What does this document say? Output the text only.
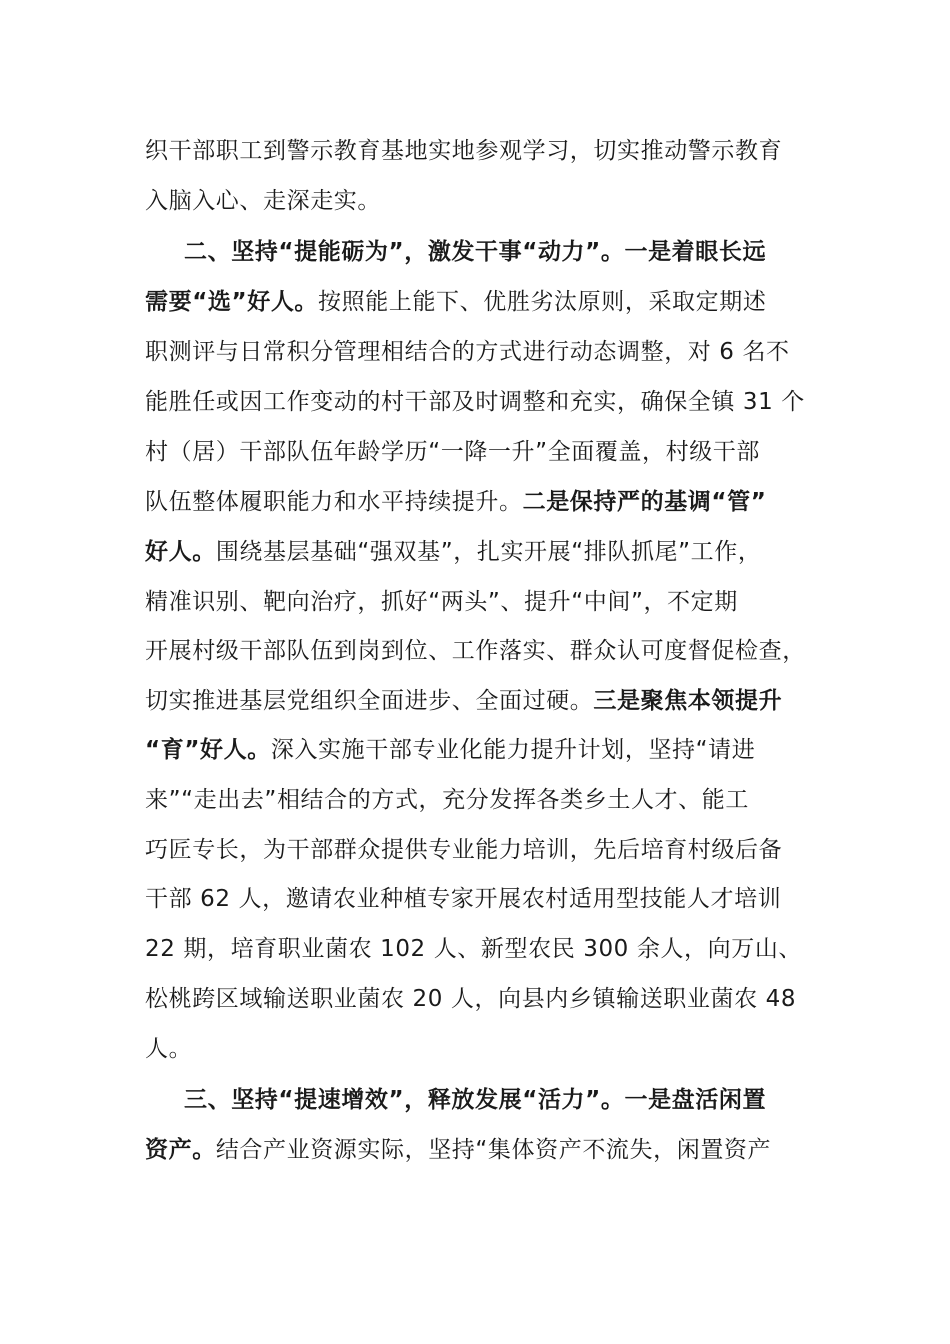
织干部职工到警示教育基地实地参观学习，切实推动警示教育
入脑入心、走深走实。
二、坚持“提能砺为”，激发干事“动力”。一是着眼长远
需要“选”好人。按照能上能下、优胜劣汰原则，采取定期述
职测评与日常积分管理相结合的方式进行动态调整，对 6 名不
能胜任或因工作变动的村干部及时调整和充实，确保全镇 31 个
村（居）干部队伍年龄学历“一降一升”全面覆盖，村级干部
队伍整体履职能力和水平持续提升。二是保持严的基调“管”
好人。围绕基层基础“强双基”，扎实开展“排队抓尾”工作，
精准识别、靶向治疗，抓好“两头”、提升“中间”，不定期
开展村级干部队伍到岗到位、工作落实、群众认可度督促检查，
切实推进基层党组织全面进步、全面过硬。三是聚焦本领提升
“育”好人。深入实施干部专业化能力提升计划，坚持“请进
来”“走出去”相结合的方式，充分发挥各类乡土人才、能工
巧匠专长，为干部群众提供专业能力培训，先后培育村级后备
干部 62 人，邀请农业种植专家开展农村适用型技能人才培训
22 期，培育职业菌农 102 人、新型农民 300 余人，向万山、
松桃跨区域输送职业菌农 20 人，向县内乡镇输送职业菌农 48
人。
三、坚持“提速增效”，释放发展“活力”。一是盘活闲置
资产。结合产业资源实际，坚持“集体资产不流失，闲置资产
